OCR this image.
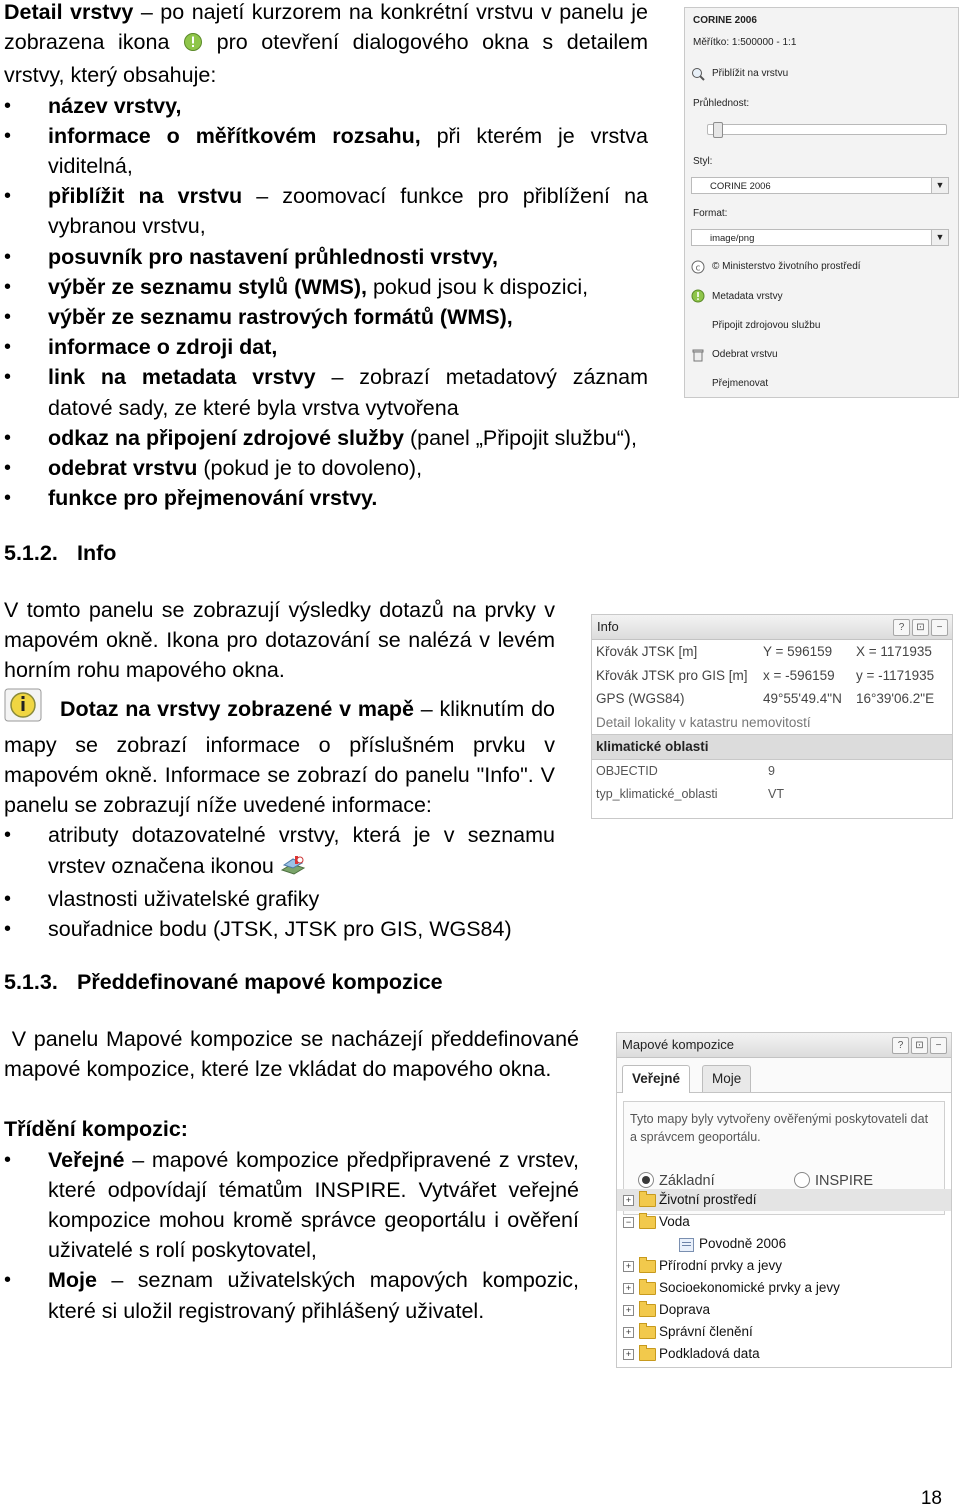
Detail vrstvy – po najetí kurzorem na konkrétní vrstvu v panelu je zobrazena ikona  pro otevření dialogového okna s detailem vrstvy, který obsahuje:

• název vrstvy,
• informace o měřítkovém rozsahu, při kterém je vrstva viditelná,
• přiblížit na vrstvu – zoomovací funkce pro přiblížení na vybranou vrstvu,
• posuvník pro nastavení průhlednosti vrstvy,
• výběr ze seznamu stylů (WMS), pokud jsou k dispozici,
• výběr ze seznamu rastrových formátů (WMS),
• informace o zdroji dat,
• link na metadata vrstvy – zobrazí metadatový záznam datové sady, ze které byla vrstva vytvořena
• odkaz na připojení zdrojové služby (panel „Připojit službu“),
• odebrat vrstvu (pokud je to dovoleno),
• funkce pro přejmenování vrstvy.
CORINE 2006
Měřítko: 1:500000 - 1:1
Přiblížit na vrstvu
Průhlednost:
Styl:
CORINE 2006	▼
Format:
image/png	▼
c © Ministerstvo životního prostředí
Metadata vrstvy
Připojit zdrojovou službu
Odebrat vrstvu
Přejmenovat
5.1.2. Info

V tomto panelu se zobrazují výsledky dotazů na prvky v mapovém okně. Ikona pro dotazování se nalézá v levém horním rohu mapového okna.

Dotaz na vrstvy zobrazené v mapě – kliknutím do mapy se zobrazí informace o příslušném prvku v mapovém okně. Informace se zobrazí do panelu "Info". V panelu se zobrazují níže uvedené informace:

• atributy dotazovatelné vrstvy, která je v seznamu vrstev označena ikonou
• vlastnosti uživatelské grafiky
• souřadnice bodu (JTSK, JTSK pro GIS, WGS84)
Info	?	⊡	−
Křovák JTSK [m]	Y = 596159 X = 1171935
Křovák JTSK pro GIS [m] x = -596159 y = -1171935
GPS (WGS84)	49°55'49.4"N 16°39'06.2"E
Detail lokality v katastru nemovitostí
klimatické oblasti
OBJECTID	9
typ_klimatické_oblasti	VT
5.1.3. Předdefinované mapové kompozice

V panelu Mapové kompozice se nacházejí předdefinované mapové kompozice, které lze vkládat do mapového okna.

Třídění kompozic:

• Veřejné – mapové kompozice předpřipravené z vrstev, které odpovídají tématům INSPIRE. Vytvářet veřejné kompozice mohou kromě správce geoportálu i ověření uživatelé s rolí poskytovatel,
• Moje – seznam uživatelských mapových kompozic, které si uložil registrovaný přihlášený uživatel.
Mapové kompozice	?	⊡	−
Veřejné	Moje
Tyto mapy byly vytvořeny ověřenými poskytovateli dat a správcem geoportálu.
Základní	INSPIRE
+ Životní prostředí
− Voda
Povodně 2006
+ Přírodní prvky a jevy
+ Socioekonomické prvky a jevy
+ Doprava
+ Správní členění
+ Podkladová data
18
